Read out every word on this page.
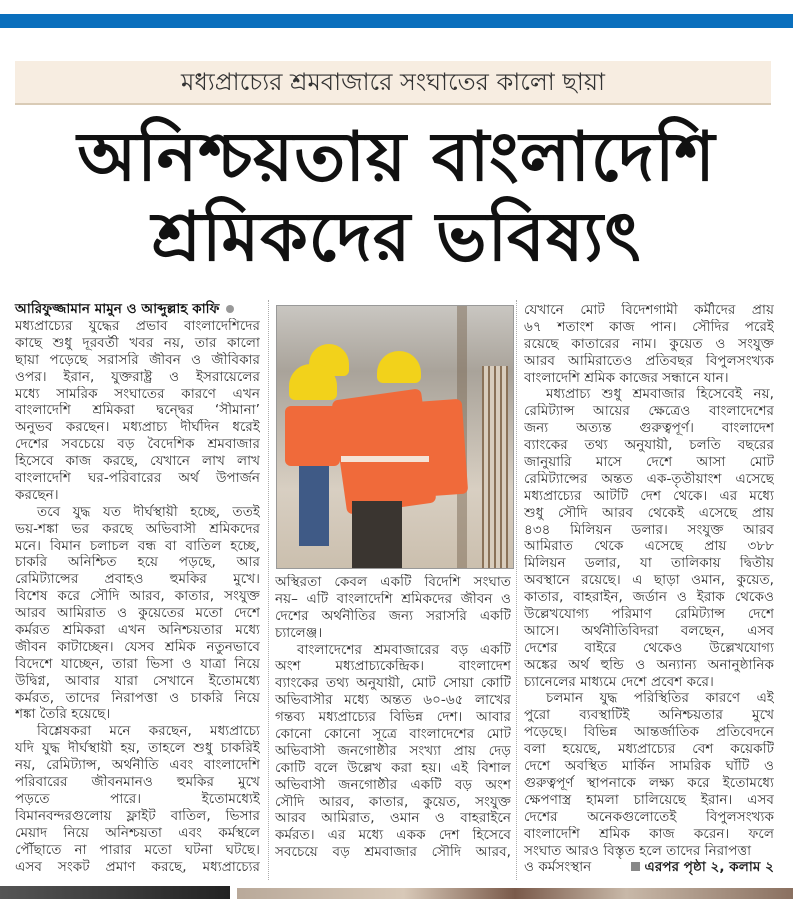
মধ্যপ্রাচ্যের শ্রমবাজারে সংঘাতের কালো ছায়া
অনিশ্চয়তায় বাংলাদেশি
শ্রমিকদের ভবিষ্যৎ
আরিফুজ্জামান মামুন ও আব্দুল্লাহ কাফি
মধ্যপ্রাচ্যের যুদ্ধের প্রভাব বাংলাদেশিদের
কাছে শুধু দূরবর্তী খবর নয়, তার কালো
ছায়া পড়েছে সরাসরি জীবন ও জীবিকার
ওপর। ইরান, যুক্তরাষ্ট্র ও ইসরায়েলের
মধ্যে সামরিক সংঘাতের কারণে এখন
বাংলাদেশি শ্রমিকরা দ্বন্দ্বের ‘সীমানা’
অনুভব করছেন। মধ্যপ্রাচ্য দীর্ঘদিন ধরেই
দেশের সবচেয়ে বড় বৈদেশিক শ্রমবাজার
হিসেবে কাজ করছে, যেখানে লাখ লাখ
বাংলাদেশি ঘর-পরিবারের অর্থ উপার্জন
করছেন।
তবে যুদ্ধ যত দীর্ঘস্থায়ী হচ্ছে, ততই
ভয়-শঙ্কা ভর করছে অভিবাসী শ্রমিকদের
মনে। বিমান চলাচল বন্ধ বা বাতিল হচ্ছে,
চাকরি অনিশ্চিত হয়ে পড়ছে, আর
রেমিট্যান্সের প্রবাহও হুমকির মুখে।
বিশেষ করে সৌদি আরব, কাতার, সংযুক্ত
আরব আমিরাত ও কুয়েতের মতো দেশে
কর্মরত শ্রমিকরা এখন অনিশ্চয়তার মধ্যে
জীবন কাটাচ্ছেন। যেসব শ্রমিক নতুনভাবে
বিদেশে যাচ্ছেন, তারা ভিসা ও যাত্রা নিয়ে
উদ্বিগ্ন, আবার যারা সেখানে ইতোমধ্যে
কর্মরত, তাদের নিরাপত্তা ও চাকরি নিয়ে
শঙ্কা তৈরি হয়েছে।
বিশ্লেষকরা মনে করছেন, মধ্যপ্রাচ্যে
যদি যুদ্ধ দীর্ঘস্থায়ী হয়, তাহলে শুধু চাকরিই
নয়, রেমিট্যান্স, অর্থনীতি এবং বাংলাদেশি
পরিবারের জীবনমানও হুমকির মুখে
পড়তে পারে। ইতোমধ্যেই
বিমানবন্দরগুলোয় ফ্লাইট বাতিল, ভিসার
মেয়াদ নিয়ে অনিশ্চয়তা এবং কর্মস্থলে
পৌঁছাতে না পারার মতো ঘটনা ঘটছে।
এসব সংকট প্রমাণ করছে, মধ্যপ্রাচ্যের

অস্থিরতা কেবল একটি বিদেশি সংঘাত
নয়– এটি বাংলাদেশি শ্রমিকদের জীবন ও
দেশের অর্থনীতির জন্য সরাসরি একটি
চ্যালেঞ্জ।
বাংলাদেশের শ্রমবাজারের বড় একটি
অংশ মধ্যপ্রাচ্যকেন্দ্রিক। বাংলাদেশ
ব্যাংকের তথ্য অনুযায়ী, মোট সোয়া কোটি
অভিবাসীর মধ্যে অন্তত ৬০-৬৫ লাখের
গন্তব্য মধ্যপ্রাচ্যের বিভিন্ন দেশ। আবার
কোনো কোনো সূত্রে বাংলাদেশের মোট
অভিবাসী জনগোষ্ঠীর সংখ্যা প্রায় দেড়
কোটি বলে উল্লেখ করা হয়। এই বিশাল
অভিবাসী জনগোষ্ঠীর একটি বড় অংশ
সৌদি আরব, কাতার, কুয়েত, সংযুক্ত
আরব আমিরাত, ওমান ও বাহরাইনে
কর্মরত। এর মধ্যে একক দেশ হিসেবে
সবচেয়ে বড় শ্রমবাজার সৌদি আরব,
যেখানে মোট বিদেশগামী কর্মীদের প্রায়
৬৭ শতাংশ কাজ পান। সৌদির পরেই
রয়েছে কাতারের নাম। কুয়েত ও সংযুক্ত
আরব আমিরাতেও প্রতিবছর বিপুলসংখ্যক
বাংলাদেশি শ্রমিক কাজের সন্ধানে যান।
মধ্যপ্রাচ্য শুধু শ্রমবাজার হিসেবেই নয়,
রেমিট্যান্স আয়ের ক্ষেত্রেও বাংলাদেশের
জন্য অত্যন্ত গুরুত্বপূর্ণ। বাংলাদেশ
ব্যাংকের তথ্য অনুযায়ী, চলতি বছরের
জানুয়ারি মাসে দেশে আসা মোট
রেমিট্যান্সের অন্তত এক-তৃতীয়াংশ এসেছে
মধ্যপ্রাচ্যের আটটি দেশ থেকে। এর মধ্যে
শুধু সৌদি আরব থেকেই এসেছে প্রায়
৪৩৪ মিলিয়ন ডলার। সংযুক্ত আরব
আমিরাত থেকে এসেছে প্রায় ৩৮৮
মিলিয়ন ডলার, যা তালিকায় দ্বিতীয়
অবস্থানে রয়েছে। এ ছাড়া ওমান, কুয়েত,
কাতার, বাহরাইন, জর্ডান ও ইরাক থেকেও
উল্লেখযোগ্য পরিমাণ রেমিট্যান্স দেশে
আসে। অর্থনীতিবিদরা বলছেন, এসব
দেশের বাইরে থেকেও উল্লেখযোগ্য
অঙ্কের অর্থ হুন্ডি ও অন্যান্য অনানুষ্ঠানিক
চ্যানেলের মাধ্যমে দেশে প্রবেশ করে।
চলমান যুদ্ধ পরিস্থিতির কারণে এই
পুরো ব্যবস্থাটিই অনিশ্চয়তার মুখে
পড়েছে। বিভিন্ন আন্তর্জাতিক প্রতিবেদনে
বলা হয়েছে, মধ্যপ্রাচ্যের বেশ কয়েকটি
দেশে অবস্থিত মার্কিন সামরিক ঘাঁটি ও
গুরুত্বপূর্ণ স্থাপনাকে লক্ষ্য করে ইতোমধ্যে
ক্ষেপণাস্ত্র হামলা চালিয়েছে ইরান। এসব
দেশের অনেকগুলোতেই বিপুলসংখ্যক
বাংলাদেশি শ্রমিক কাজ করেন। ফলে
সংঘাত আরও বিস্তৃত হলে তাদের নিরাপত্তা
ও কর্মসংস্থান	এরপর পৃষ্ঠা ২, কলাম ২
